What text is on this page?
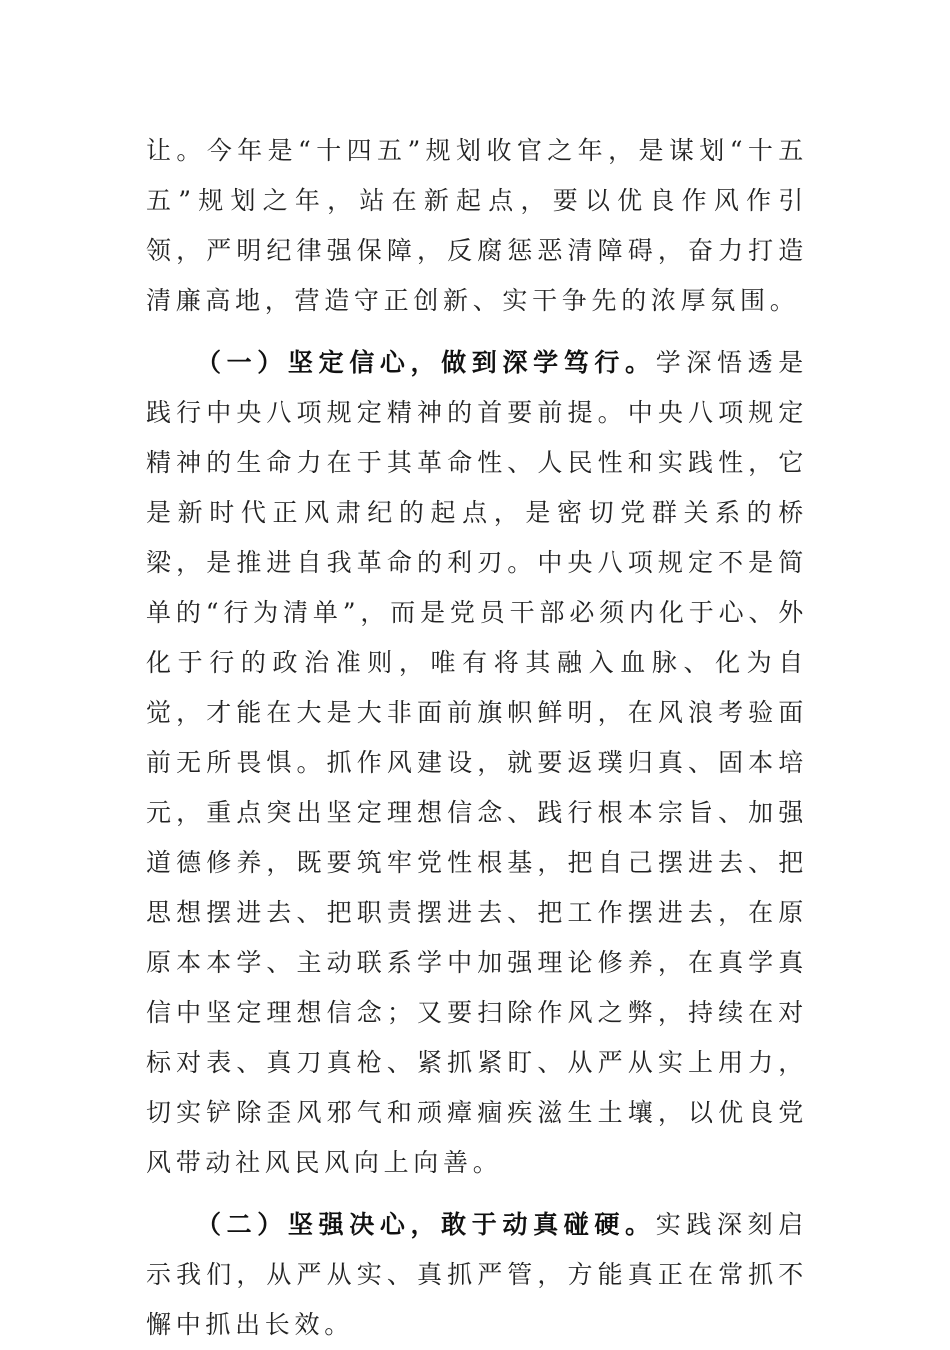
让。今年是“十四五”规划收官之年，是谋划“十五五”规划之年，站在新起点，要以优良作风作引领，严明纪律强保障，反腐惩恶清障碍，奋力打造清廉高地，营造守正创新、实干争先的浓厚氛围。

（一）坚定信心，做到深学笃行。学深悟透是践行中央八项规定精神的首要前提。中央八项规定精神的生命力在于其革命性、人民性和实践性，它是新时代正风肃纪的起点，是密切党群关系的桥梁，是推进自我革命的利刃。中央八项规定不是简单的“行为清单”，而是党员干部必须内化于心、外化于行的政治准则，唯有将其融入血脉、化为自觉，才能在大是大非面前旗帜鲜明，在风浪考验面前无所畏惧。抓作风建设，就要返璞归真、固本培元，重点突出坚定理想信念、践行根本宗旨、加强道德修养，既要筑牢党性根基，把自己摆进去、把思想摆进去、把职责摆进去、把工作摆进去，在原原本本学、主动联系学中加强理论修养，在真学真信中坚定理想信念；又要扫除作风之弊，持续在对标对表、真刀真枪、紧抓紧盯、从严从实上用力，切实铲除歪风邪气和顽瘴痼疾滋生土壤，以优良党风带动社风民风向上向善。

（二）坚强决心，敢于动真碰硬。实践深刻启示我们，从严从实、真抓严管，方能真正在常抓不懈中抓出长效。
